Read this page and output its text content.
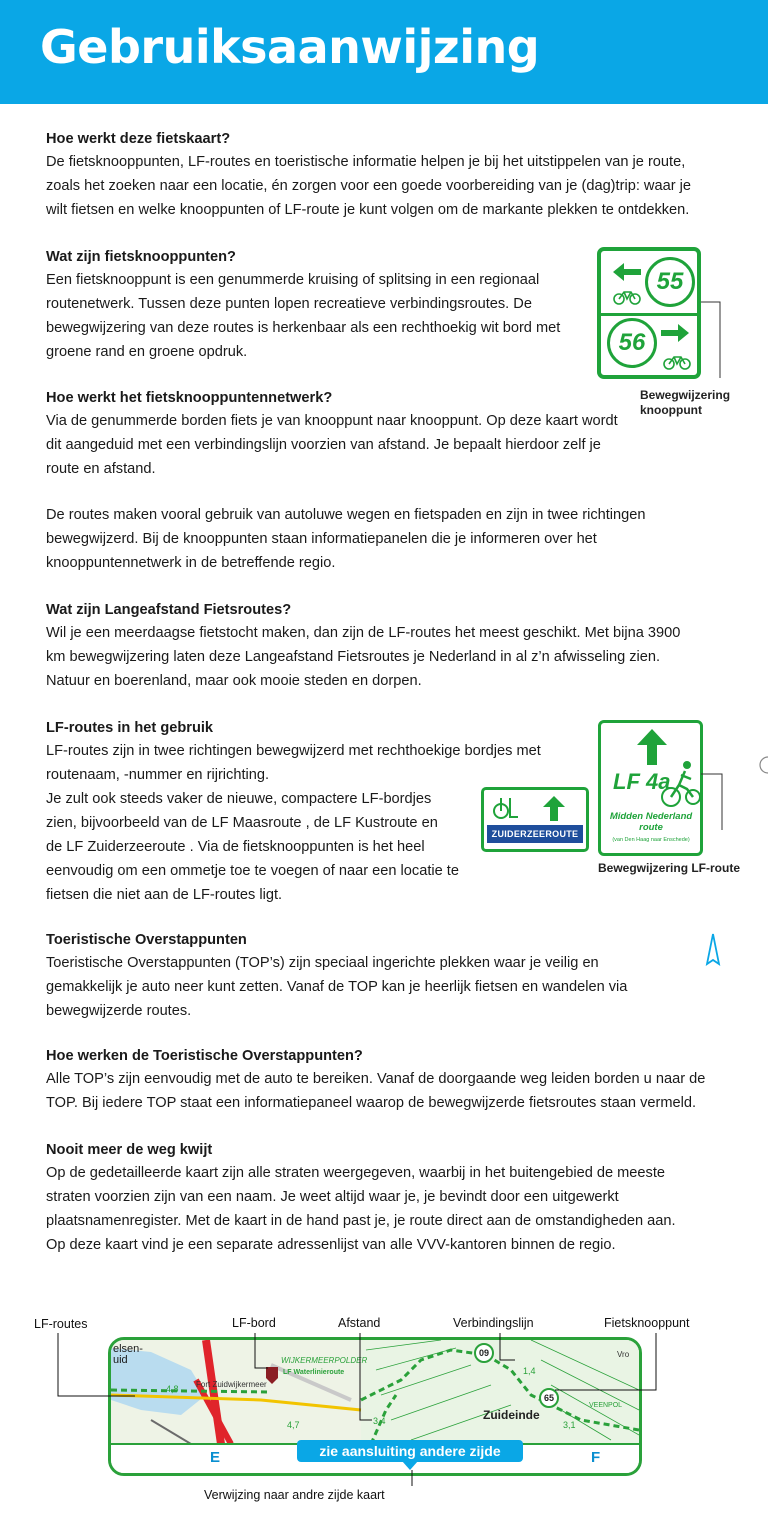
Gebruiksaanwijzing
Hoe werkt deze fietskaart?

De fietsknooppunten, LF-routes en toeristische informatie helpen je bij het uitstippelen van je route,

zoals het zoeken naar een locatie, én zorgen voor een goede voorbereiding van je (dag)trip: waar je

wilt fietsen en welke knooppunten of LF-route je kunt volgen om de markante plekken te ontdekken.

Wat zijn fietsknooppunten?

Een fietsknooppunt is een genummerde kruising of splitsing in een regionaal

routenetwerk. Tussen deze punten lopen recreatieve verbindingsroutes. De

bewegwijzering van deze routes is herkenbaar als een rechthoekig wit bord met

groene rand en groene opdruk.

Hoe werkt het fietsknooppuntennetwerk?

Via de genummerde borden fiets je van knooppunt naar knooppunt. Op deze kaart wordt

dit aangeduid met een verbindingslijn voorzien van afstand. Je bepaalt hierdoor zelf je

route en afstand.

De routes maken vooral gebruik van autoluwe wegen en fietspaden en zijn in twee richtingen

bewegwijzerd. Bij de knooppunten staan informatiepanelen die je informeren over het

knooppuntennetwerk in de betreffende regio.

Wat zijn Langeafstand Fietsroutes?

Wil je een meerdaagse fietstocht maken, dan zijn de LF-routes het meest geschikt. Met bijna 3900

km bewegwijzering laten deze Langeafstand Fietsroutes je Nederland in al z’n afwisseling zien.

Natuur en boerenland, maar ook mooie steden en dorpen.

LF-routes in het gebruik

LF-routes zijn in twee richtingen bewegwijzerd met rechthoekige bordjes met

routenaam, -nummer en rijrichting.

Je zult ook steeds vaker de nieuwe, compactere LF-bordjes

zien, bijvoorbeeld van de LF Maasroute , de LF Kustroute en

de LF Zuiderzeeroute . Via de fietsknooppunten is het heel

eenvoudig om een ommetje toe te voegen of naar een locatie te

fietsen die niet aan de LF-routes ligt.

Toeristische Overstappunten

Toeristische Overstappunten (TOP’s) zijn speciaal ingerichte plekken waar je veilig en

gemakkelijk je auto neer kunt zetten. Vanaf de TOP kan je heerlijk fietsen en wandelen via

bewegwijzerde routes.

Hoe werken de Toeristische Overstappunten?

Alle TOP’s zijn eenvoudig met de auto te bereiken. Vanaf de doorgaande weg leiden borden u naar de

TOP. Bij iedere TOP staat een informatiepaneel waarop de bewegwijzerde fietsroutes staan vermeld.

Nooit meer de weg kwijt

Op de gedetailleerde kaart zijn alle straten weergegeven, waarbij in het buitengebied de meeste

straten voorzien zijn van een naam. Je weet altijd waar je, je bevindt door een uitgewerkt

plaatsnamenregister. Met de kaart in de hand past je, je route direct aan de omstandigheden aan.

Op deze kaart vind je een separate adressenlijst van alle VVV-kantoren binnen de regio.

55
56
Bewegwijzering
knooppunt
ZUIDERZEEROUTE
LF 4a
Midden Nederland
route
(van Den Haag naar Enschede)
Bewegwijzering LF-route
LF-routes	LF-bord	Afstand	Verbindingslijn	Fietsknooppunt
Verwijzing naar andre zijde kaart
elsen-
uid	WIJKERMEERPOLDER
LF Waterlinieroute
Fort Zuidwijkermeer
4,8
4,7	3,4
1,4
3,1
09
65
Zuideinde
VEENPOL
Vro
E	F
zie aansluiting andere zijde
